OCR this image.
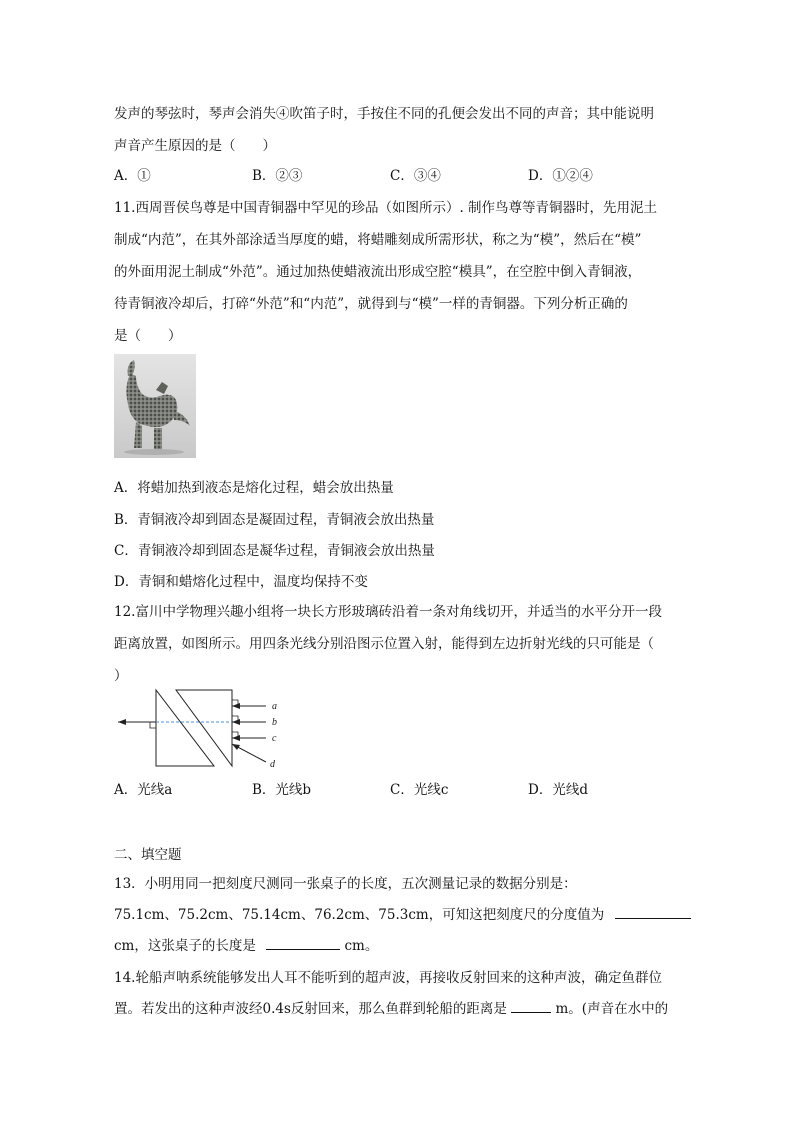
发声的琴弦时，琴声会消失④吹笛子时，手按住不同的孔便会发出不同的声音；其中能说明
声音产生原因的是（　　）
A．①	B．②③	C．③④	D．①②④
11.西周晋侯鸟尊是中国青铜器中罕见的珍品（如图所示）. 制作鸟尊等青铜器时，先用泥土
制成“内范”，在其外部涂适当厚度的蜡，将蜡雕刻成所需形状，称之为“模”，然后在“模”
的外面用泥土制成“外范”。通过加热使蜡液流出形成空腔“模具”，在空腔中倒入青铜液，
待青铜液冷却后，打碎“外范”和“内范”，就得到与“模”一样的青铜器。下列分析正确的
是（　　）
A．将蜡加热到液态是熔化过程，蜡会放出热量
B．青铜液冷却到固态是凝固过程，青铜液会放出热量
C．青铜液冷却到固态是凝华过程，青铜液会放出热量
D．青铜和蜡熔化过程中，温度均保持不变
12.富川中学物理兴趣小组将一块长方形玻璃砖沿着一条对角线切开，并适当的水平分开一段
距离放置，如图所示。用四条光线分别沿图示位置入射，能得到左边折射光线的只可能是（
）
a
b
c
d
A．光线a	B．光线b	C．光线c	D．光线d
二、填空题
13．小明用同一把刻度尺测同一张桌子的长度，五次测量记录的数据分别是：
75.1cm、75.2cm、75.14cm、76.2cm、75.3cm，可知这把刻度尺的分度值为
cm，这张桌子的长度是	cm。
14.轮船声呐系统能够发出人耳不能听到的超声波，再接收反射回来的这种声波，确定鱼群位
置。若发出的这种声波经0.4s反射回来，那么鱼群到轮船的距离是	m。(声音在水中的
